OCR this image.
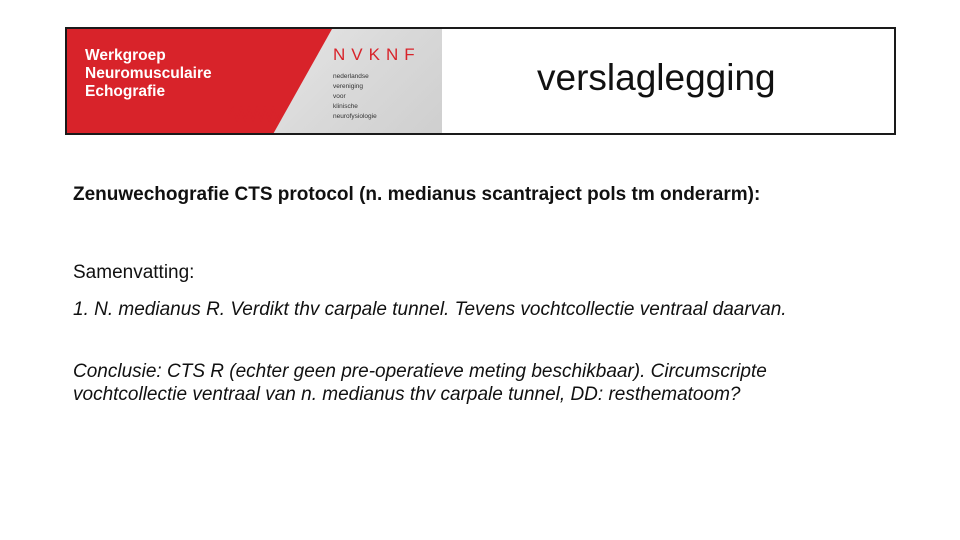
Werkgroep
Neuromusculaire
Echografie
NVKNF
nederlandse
vereniging
voor
klinische
neurofysiologie
verslaglegging

Zenuwechografie CTS protocol (n. medianus scantraject pols tm onderarm):

Samenvatting:

1. N. medianus R. Verdikt thv carpale tunnel. Tevens vochtcollectie ventraal daarvan.

Conclusie: CTS R (echter geen pre-operatieve meting beschikbaar). Circumscripte vochtcollectie ventraal van n. medianus thv carpale tunnel, DD: resthematoom?
